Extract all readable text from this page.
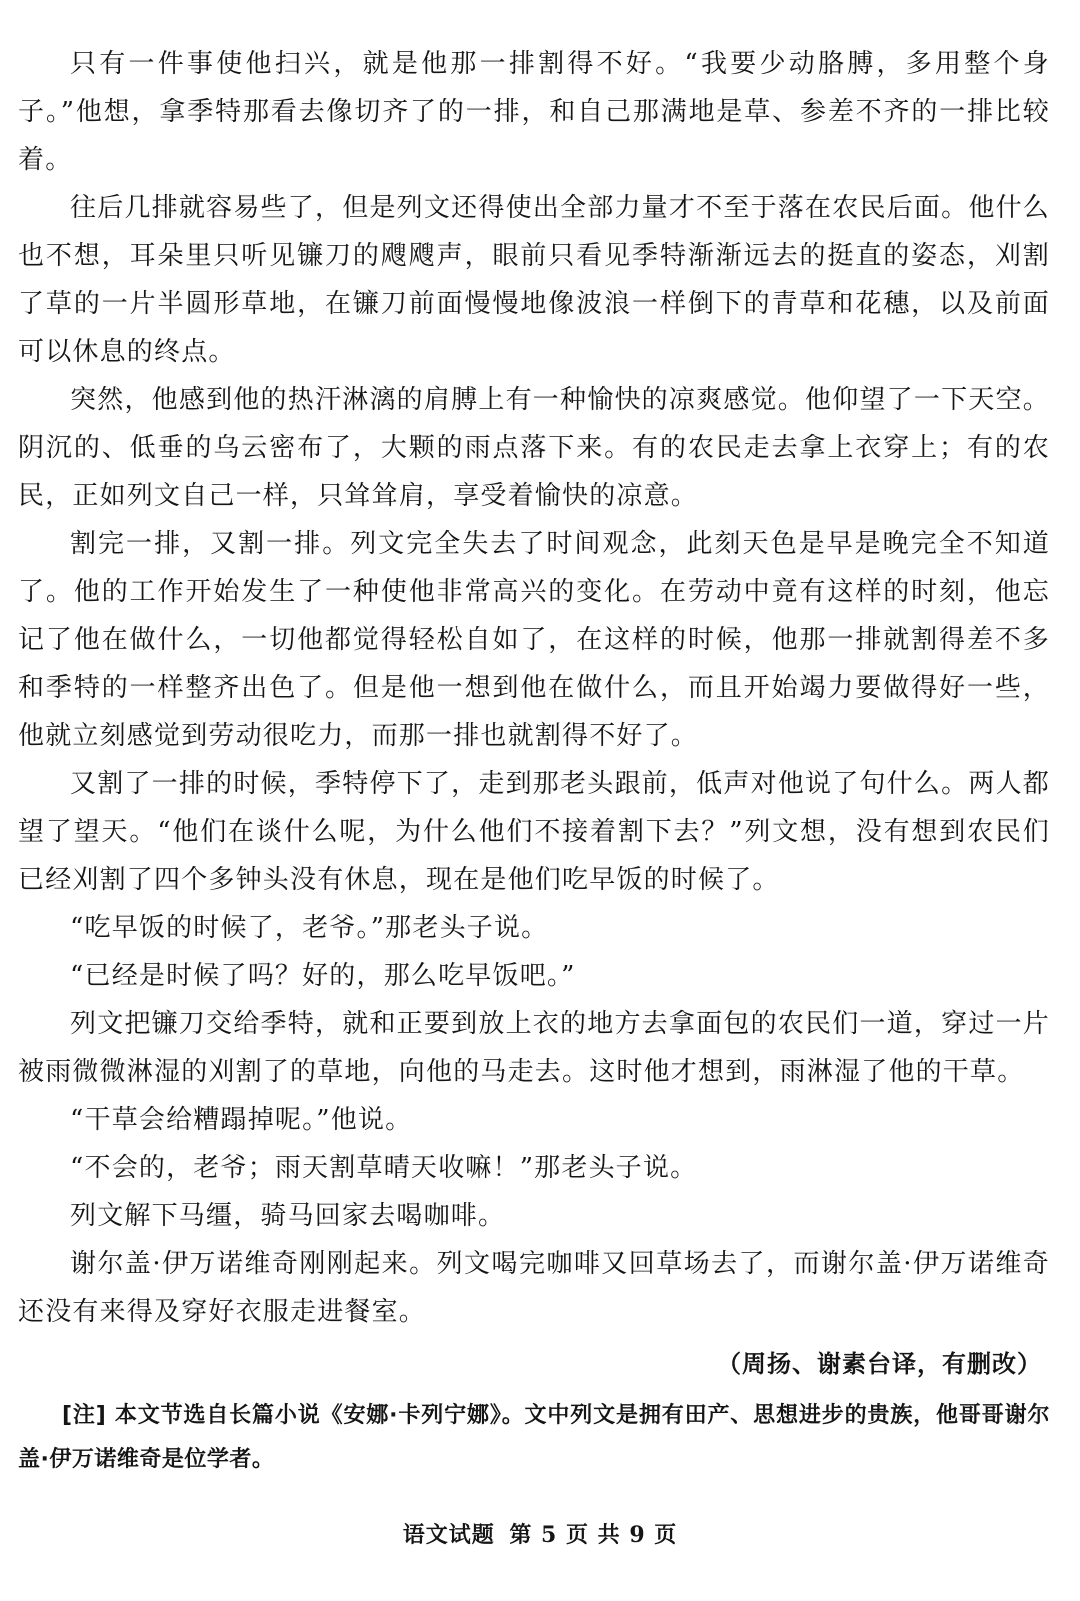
只有一件事使他扫兴，就是他那一排割得不好。“我要少动胳膊，多用整个身子。”他想，拿季特那看去像切齐了的一排，和自己那满地是草、参差不齐的一排比较着。

往后几排就容易些了，但是列文还得使出全部力量才不至于落在农民后面。他什么也不想，耳朵里只听见镰刀的飕飕声，眼前只看见季特渐渐远去的挺直的姿态，刈割了草的一片半圆形草地，在镰刀前面慢慢地像波浪一样倒下的青草和花穗，以及前面可以休息的终点。

突然，他感到他的热汗淋漓的肩膊上有一种愉快的凉爽感觉。他仰望了一下天空。阴沉的、低垂的乌云密布了，大颗的雨点落下来。有的农民走去拿上衣穿上；有的农民，正如列文自己一样，只耸耸肩，享受着愉快的凉意。

割完一排，又割一排。列文完全失去了时间观念，此刻天色是早是晚完全不知道了。他的工作开始发生了一种使他非常高兴的变化。在劳动中竟有这样的时刻，他忘记了他在做什么，一切他都觉得轻松自如了，在这样的时候，他那一排就割得差不多和季特的一样整齐出色了。但是他一想到他在做什么，而且开始竭力要做得好一些，他就立刻感觉到劳动很吃力，而那一排也就割得不好了。

又割了一排的时候，季特停下了，走到那老头跟前，低声对他说了句什么。两人都望了望天。“他们在谈什么呢，为什么他们不接着割下去？”列文想，没有想到农民们已经刈割了四个多钟头没有休息，现在是他们吃早饭的时候了。

“吃早饭的时候了，老爷。”那老头子说。

“已经是时候了吗？好的，那么吃早饭吧。”

列文把镰刀交给季特，就和正要到放上衣的地方去拿面包的农民们一道，穿过一片被雨微微淋湿的刈割了的草地，向他的马走去。这时他才想到，雨淋湿了他的干草。

“干草会给糟蹋掉呢。”他说。

“不会的，老爷；雨天割草晴天收嘛！”那老头子说。

列文解下马缰，骑马回家去喝咖啡。

谢尔盖·伊万诺维奇刚刚起来。列文喝完咖啡又回草场去了，而谢尔盖·伊万诺维奇还没有来得及穿好衣服走进餐室。

（周扬、谢素台译，有删改）
[注] 本文节选自长篇小说《安娜·卡列宁娜》。文中列文是拥有田产、思想进步的贵族，他哥哥谢尔盖·伊万诺维奇是位学者。
语文试题 第 5 页 共 9 页
